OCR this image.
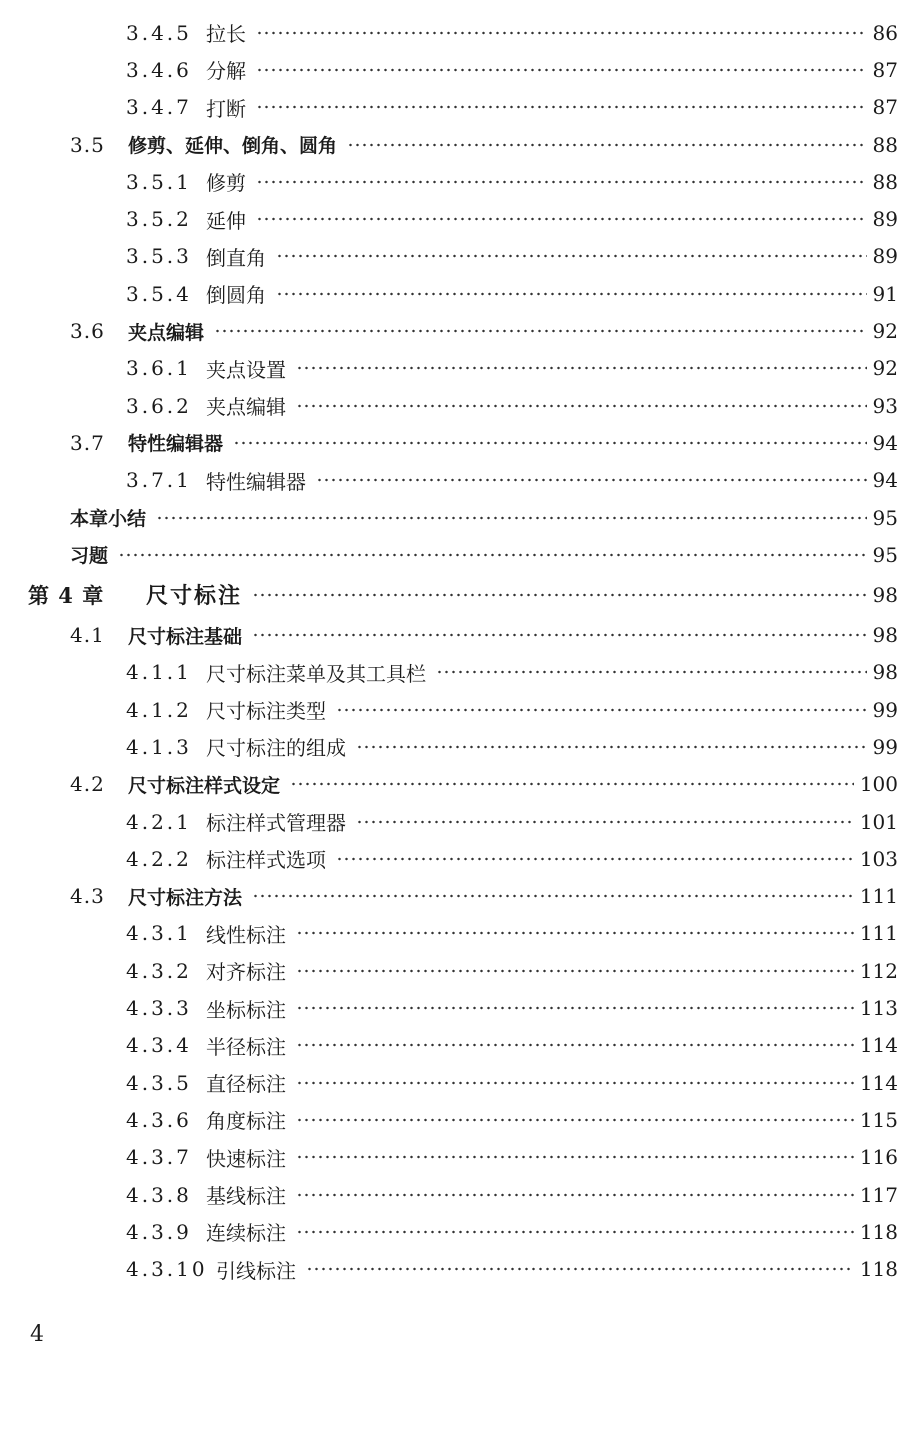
3.4.5 拉长	86
3.4.6 分解	87
3.4.7 打断	87
3.5	修剪、延伸、倒角、圆角	88
3.5.1 修剪	88
3.5.2 延伸	89
3.5.3 倒直角	89
3.5.4 倒圆角	91
3.6	夹点编辑	92
3.6.1 夹点设置	92
3.6.2 夹点编辑	93
3.7	特性编辑器	94
3.7.1 特性编辑器	94
本章小结	95
习题	95
第 4 章	尺寸标注	98
4.1	尺寸标注基础	98
4.1.1 尺寸标注菜单及其工具栏	98
4.1.2 尺寸标注类型	99
4.1.3 尺寸标注的组成	99
4.2	尺寸标注样式设定	100
4.2.1 标注样式管理器	101
4.2.2 标注样式选项	103
4.3	尺寸标注方法	111
4.3.1 线性标注	111
4.3.2 对齐标注	112
4.3.3 坐标标注	113
4.3.4 半径标注	114
4.3.5 直径标注	114
4.3.6 角度标注	115
4.3.7 快速标注	116
4.3.8 基线标注	117
4.3.9 连续标注	118
4.3.10 引线标注	118
4
